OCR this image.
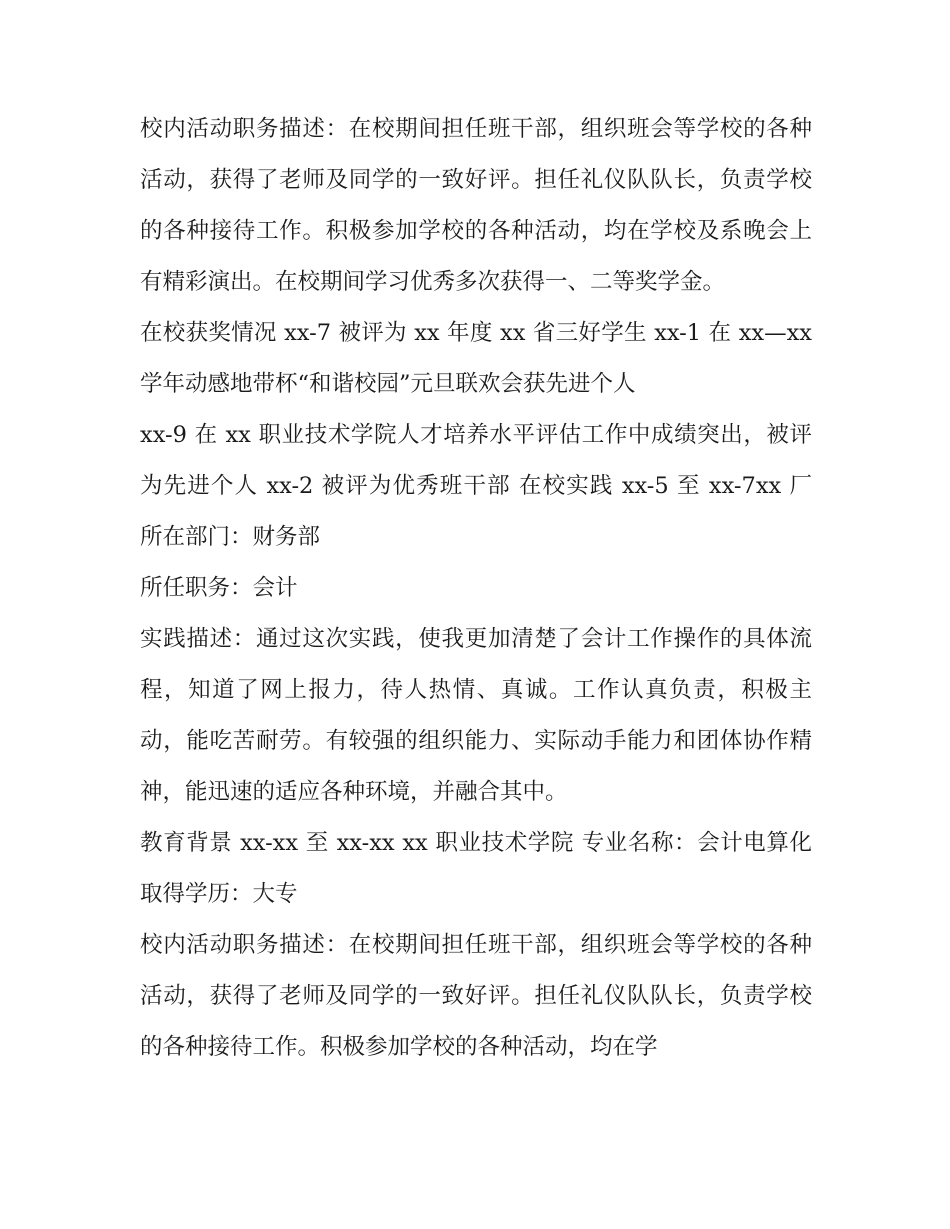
校内活动职务描述：在校期间担任班干部，组织班会等学校的各种活动，获得了老师及同学的一致好评。担任礼仪队队长，负责学校的各种接待工作。积极参加学校的各种活动，均在学校及系晚会上有精彩演出。在校期间学习优秀多次获得一、二等奖学金。

在校获奖情况 xx-7 被评为 xx 年度 xx 省三好学生 xx-1 在 xx—xx 学年动感地带杯“和谐校园”元旦联欢会获先进个人

xx-9 在 xx 职业技术学院人才培养水平评估工作中成绩突出，被评为先进个人 xx-2 被评为优秀班干部 在校实践 xx-5 至 xx-7xx 厂 所在部门：财务部

所任职务：会计

实践描述：通过这次实践，使我更加清楚了会计工作操作的具体流程，知道了网上报力，待人热情、真诚。工作认真负责，积极主动，能吃苦耐劳。有较强的组织能力、实际动手能力和团体协作精神，能迅速的适应各种环境，并融合其中。

教育背景 xx-xx 至 xx-xx xx 职业技术学院 专业名称：会计电算化 取得学历：大专

校内活动职务描述：在校期间担任班干部，组织班会等学校的各种活动，获得了老师及同学的一致好评。担任礼仪队队长，负责学校的各种接待工作。积极参加学校的各种活动，均在学
